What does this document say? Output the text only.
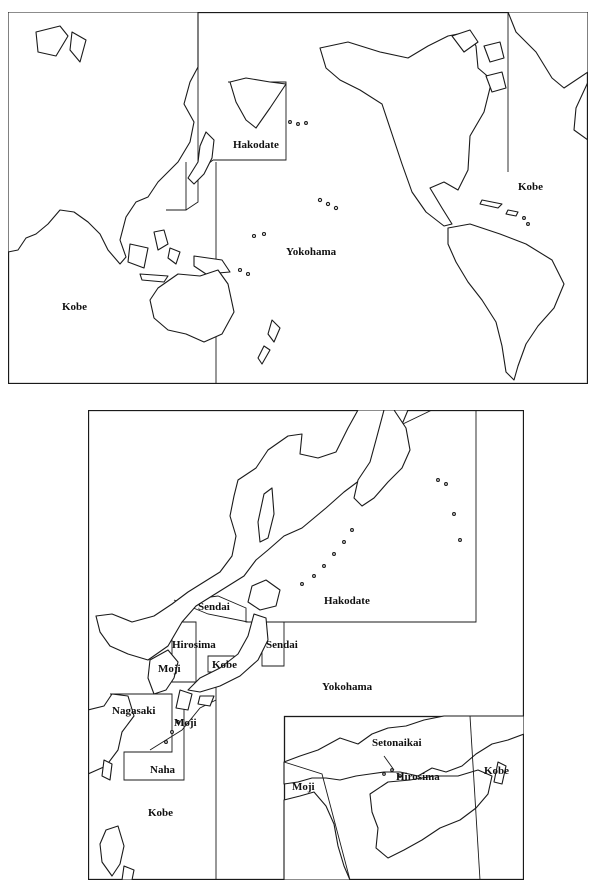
Hakodate
Kobe
Yokohama
Kobe
Sendai	Hakodate
Hirosima
Kobe
Sendai
Moji
Yokohama
Nagasaki
Moji
Naha
Kobe
Setonaikai
Moji
Hirosima	Kobe
